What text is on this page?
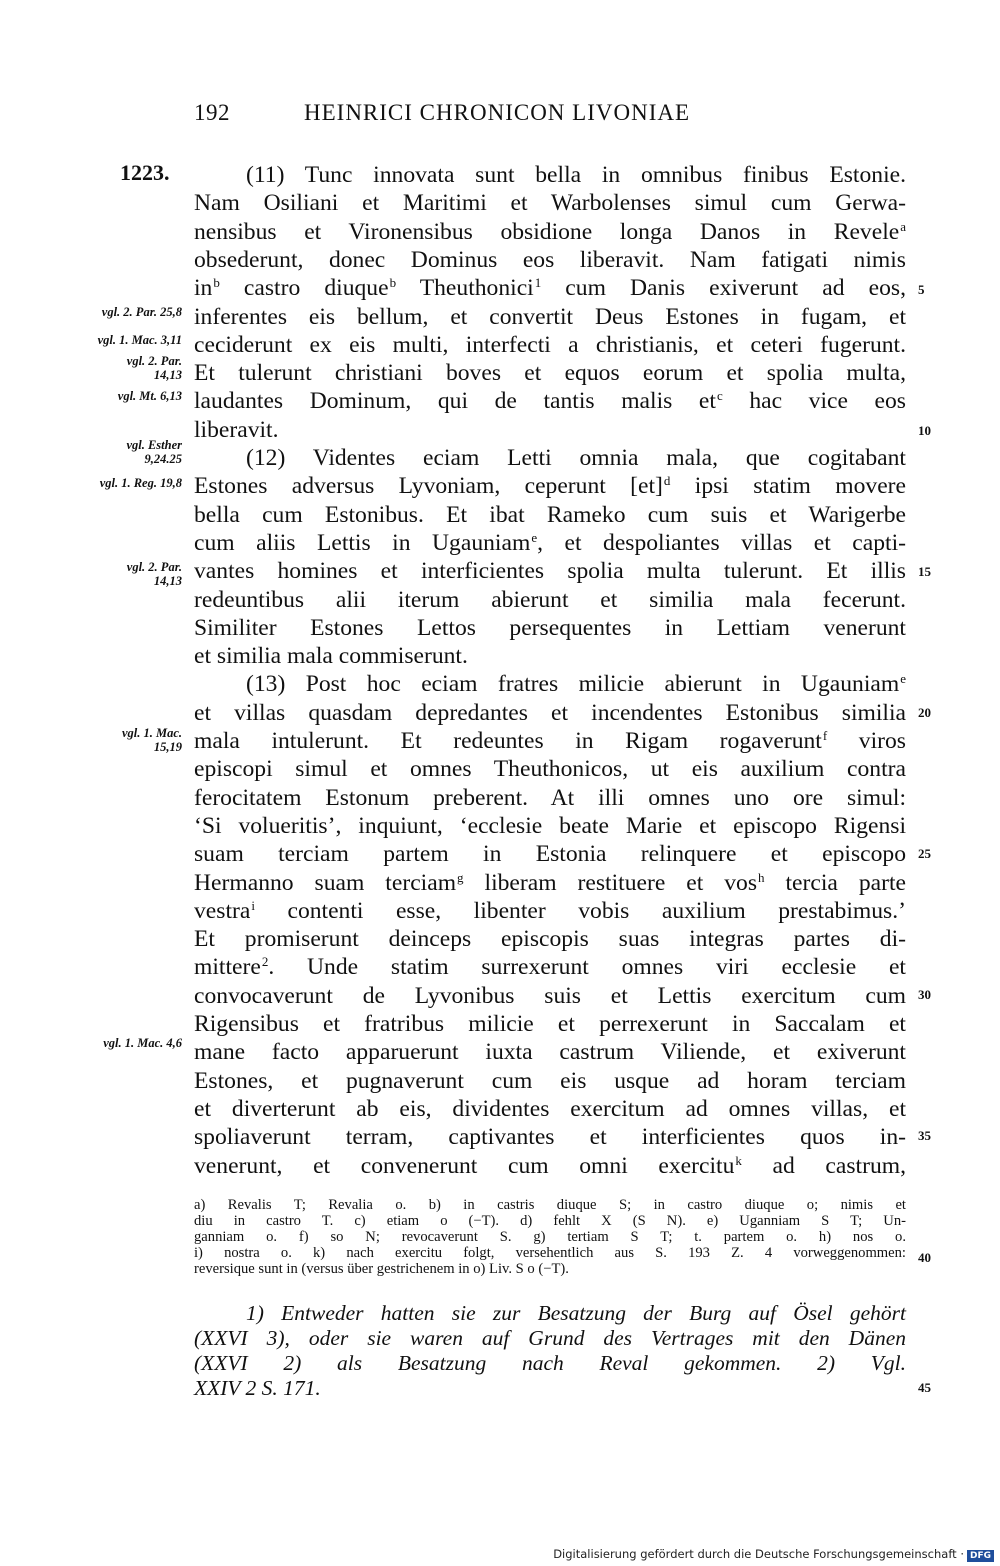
192	HEINRICI CHRONICON LIVONIAE
1223.	(11) Tunc innovata sunt bella in omnibus finibus Estonie.
Nam Osiliani et Maritimi et Warbolenses simul cum Gerwa-
nensibus et Vironensibus obsidione longa Danos in Revele$^a$
obsederunt, donec Dominus eos liberavit. Nam fatigati nimis
$in^b$ castro diuque$^b$ Theuthonici$^1$ cum Danis exiverunt ad eos,
inferentes eis bellum, et convertit Deus Estones in fugam, et
ceciderunt ex eis multi, interfecti a christianis, et ceteri fugerunt.
Et tulerunt christiani boves et equos eorum et spolia multa,
laudantes Dominum, qui de tantis malis $et^c$ hac vice eos
liberavit.
(12) Videntes eciam Letti omnia mala, que cogitabant
Estones adversus Lyvoniam, ceperunt [et]$^d$ ipsi statim movere
bella cum Estonibus. Et ibat Rameko cum suis et Warigerbe
cum aliis Lettis in Ugauniam$^e$, et despoliantes villas et capti-
vantes homines et interficientes spolia multa tulerunt. Et illis
redeuntibus alii iterum abierunt et similia mala fecerunt.
Similiter Estones Lettos persequentes in Lettiam venerunt
et similia mala commiserunt.
(13) Post hoc eciam fratres milicie abierunt in Ugauniam$^e$
et villas quasdam depredantes et incendentes Estonibus similia
mala intulerunt. Et redeuntes in Rigam rogaverunt$^f$ viros
episcopi simul et omnes Theuthonicos, ut eis auxilium contra
ferocitatem Estonum preberent. At illi omnes uno ore simul:
‘Si volueritis’, inquiunt, ‘ecclesie beate Marie et episcopo Rigensi
suam terciam partem in Estonia relinquere et episcopo
Hermanno suam terciam$^g$ liberam restituere et vos$^h$ tercia parte
vestra$^i$ contenti esse, libenter vobis auxilium prestabimus.’
Et promiserunt deinceps episcopis suas integras partes di-
mittere$^2$. Unde statim surrexerunt omnes viri ecclesie et
convocaverunt de Lyvonibus suis et Lettis exercitum cum
Rigensibus et fratribus milicie et perrexerunt in Saccalam et
mane facto apparuerunt iuxta castrum Viliende, et exiverunt
Estones, et pugnaverunt cum eis usque ad horam terciam
et diverterunt ab eis, dividentes exercitum ad omnes villas, et
spoliaverunt terram, captivantes et interficientes quos in-
venerunt, et convenerunt cum omni exercitu$^k$ ad castrum,
vgl. 2. Par. 25,8
vgl. 1. Mac. 3,11
vgl. 2. Par.
14,13
vgl. Mt. 6,13
vgl. Esther
9,24.25
vgl. 1. Reg. 19,8
vgl. 2. Par.
14,13
vgl. 1. Mac.
15,19
vgl. 1. Mac. 4,6
5
10
15
20
25
30
35
40
45
a) Revalis T; Revalia o. b) in castris diuque S; in castro diuque o; nimis et
diu in castro T. c) etiam o (−T). d) fehlt X (S N). e) Uganniam S T; Un-
ganniam o. f) so N; revocaverunt S. g) tertiam S T; t. partem o. h) nos o.
i) nostra o. k) nach exercitu folgt, versehentlich aus S. 193 Z. 4 vorweggenommen:
reversique sunt in (versus über gestrichenem in o) Liv. S o (−T).
1) Entweder hatten sie zur Besatzung der Burg auf Ösel gehört
(XXVI 3), oder sie waren auf Grund des Vertrages mit den Dänen
(XXVI 2) als Besatzung nach Reval gekommen. 2) Vgl.
XXIV 2 S. 171.
Digitalisierung gefördert durch die Deutsche Forschungsgemeinschaft · DFG
